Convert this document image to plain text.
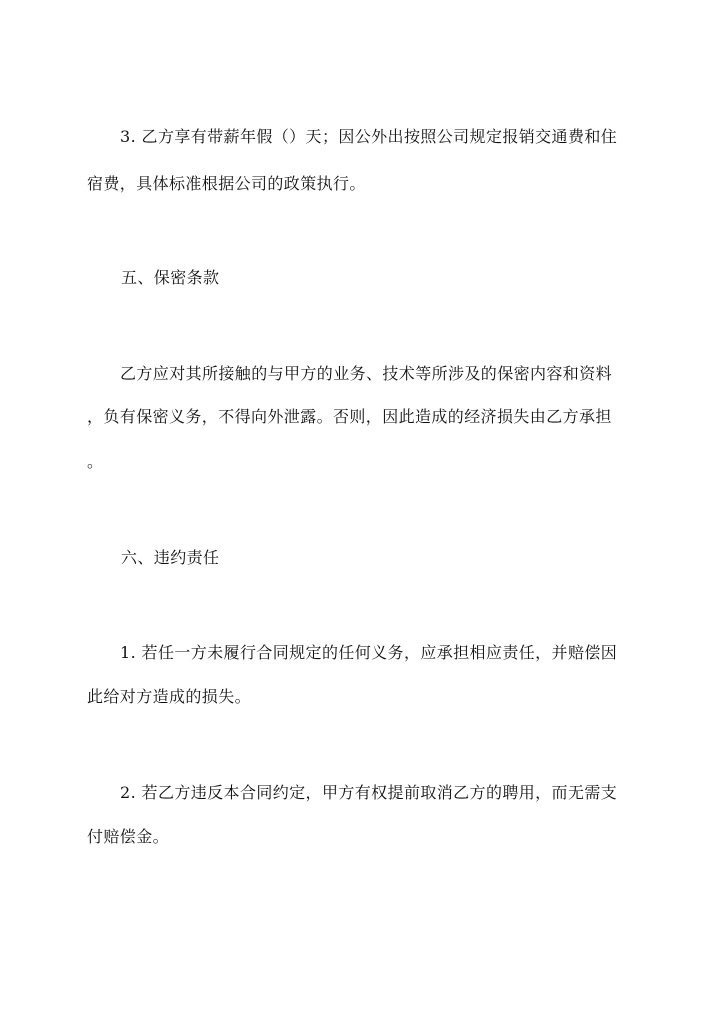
3. 乙方享有带薪年假（）天；因公外出按照公司规定报销交通费和住
宿费，具体标准根据公司的政策执行。
五、保密条款
乙方应对其所接触的与甲方的业务、技术等所涉及的保密内容和资料
，负有保密义务，不得向外泄露。否则，因此造成的经济损失由乙方承担
。
六、违约责任
1. 若任一方未履行合同规定的任何义务，应承担相应责任，并赔偿因
此给对方造成的损失。
2. 若乙方违反本合同约定，甲方有权提前取消乙方的聘用，而无需支
付赔偿金。
